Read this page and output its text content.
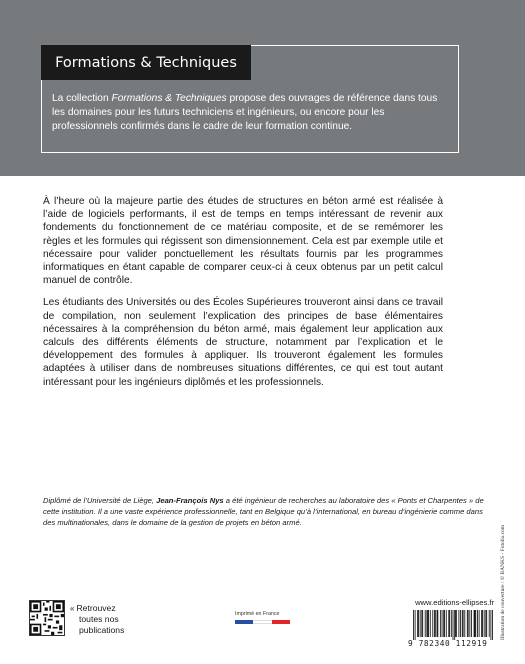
Formations & Techniques
La collection Formations & Techniques propose des ouvrages de référence dans tous les domaines pour les futurs techniciens et ingénieurs, ou encore pour les professionnels confirmés dans le cadre de leur formation continue.

À l’heure où la majeure partie des études de structures en béton armé est réalisée à l’aide de logiciels performants, il est de temps en temps intéressant de revenir aux fondements du fonctionnement de ce matériau composite, et de se remémorer les règles et les formules qui régissent son dimensionnement. Cela est par exemple utile et nécessaire pour valider ponctuellement les résultats fournis par les programmes informatiques en étant capable de comparer ceux-ci à ceux obtenus par un petit calcul manuel de contrôle.

Les étudiants des Universités ou des Écoles Supérieures trouveront ainsi dans ce travail de compilation, non seulement l’explication des principes de base élémentaires nécessaires à la compréhension du béton armé, mais également leur application aux calculs des différents éléments de structure, notamment par l’explication et le développement des formules à appliquer. Ils trouveront également les formules adaptées à utiliser dans de nombreuses situations différentes, ce qui est tout autant intéressant pour les ingénieurs diplômés et les professionnels.

Diplômé de l’Université de Liège, Jean-François Nys a été ingénieur de recherches au laboratoire des « Ponts et Charpentes » de cette institution. Il a une vaste expérience professionnelle, tant en Belgique qu’à l’international, en bureau d’ingénierie comme dans des multinationales, dans le domaine de la gestion de projets en béton armé.
Illustration de couverture : © BANKS - Fotolia.com
« Retrouvez
toutes nos
publications
Imprimé en France
www.editions-ellipses.fr
9 782340 112919
